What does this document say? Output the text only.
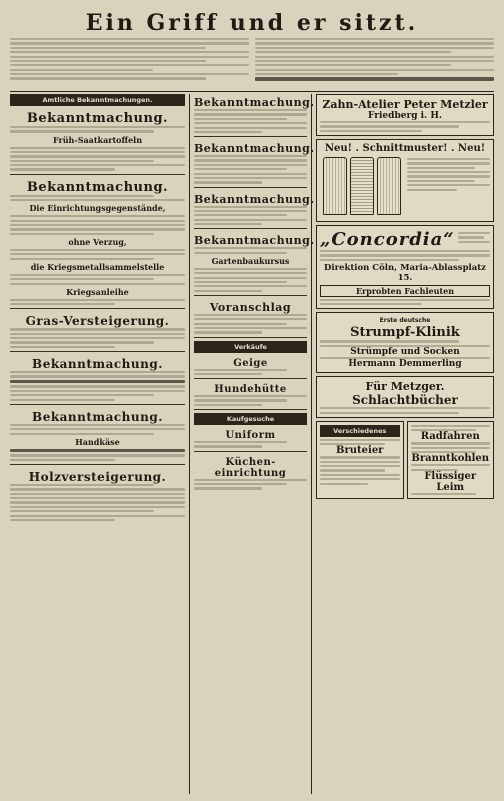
Ein Griff und er sitzt.
Amtliche Bekanntmachungen.
Bekanntmachung.
Früh-Saatkartoffeln
Bekanntmachung.
Die Einrichtungsgegenstände,
ohne Verzug,
die Kriegsmetallsammelstelle
Kriegsanleihe
Gras-Versteigerung.
Bekanntmachung.
Bekanntmachung.
Handkäse
Holzversteigerung.
Bekanntmachung.
Bekanntmachung.
Bekanntmachung.
Bekanntmachung.
Gartenbaukursus
Voranschlag
Verkäufe
Geige
Hundehütte
Kaufgesuche
Uniform
Kücheneinrichtung
Zahn-Atelier Peter Metzler
Friedberg i. H.
Neu! . Schnittmuster! . Neu!
„Concordia“
Direktion Cöln, Maria-Ablassplatz 15.
Erprobten Fachleuten
Erste deutsche
Strumpf-Klinik
Strümpfe und Socken
Hermann Demmerling
Für Metzger.
Schlachtbücher
Verschiedenes
Bruteier
Radfahren
Branntkohlen
Flüssiger Leim
